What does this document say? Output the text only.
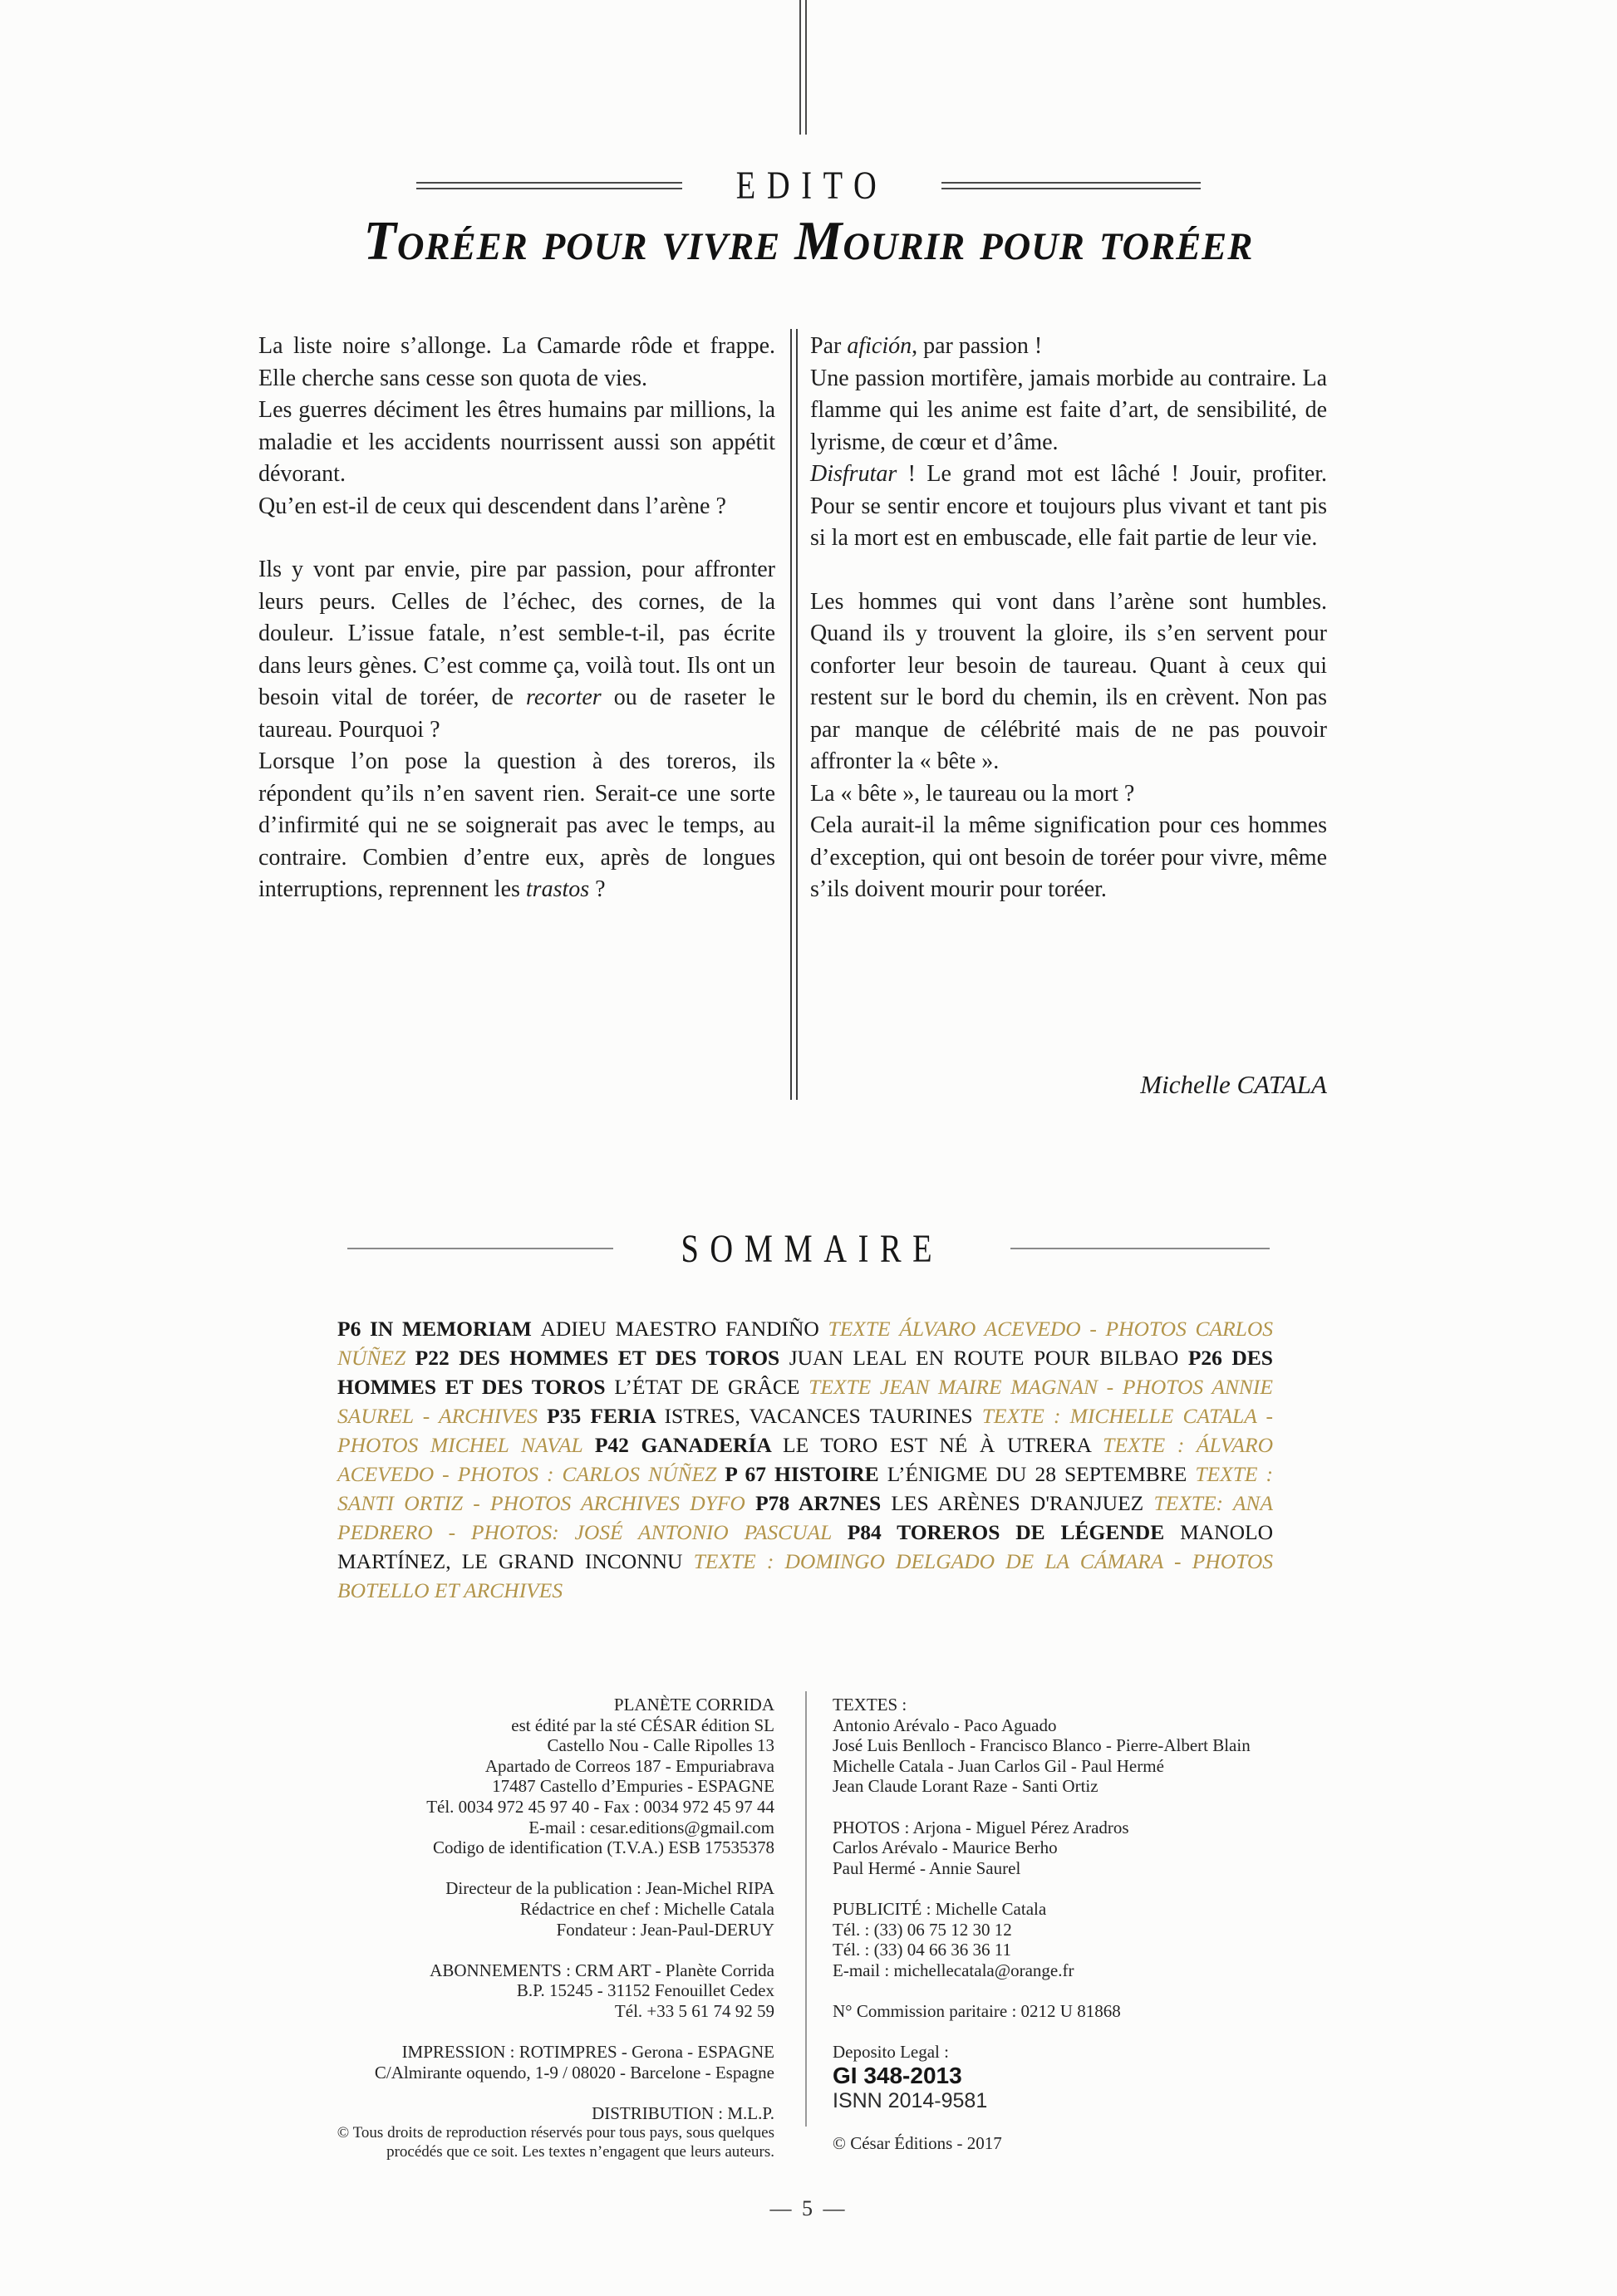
EDITO
Toréer pour vivre Mourir pour toréer

La liste noire s’allonge. La Camarde rôde et frappe. Elle cherche sans cesse son quota de vies.

Les guerres déciment les êtres humains par millions, la maladie et les accidents nourrissent aussi son appétit dévorant.

Qu’en est-il de ceux qui descendent dans l’arène ?

Ils y vont par envie, pire par passion, pour affronter leurs peurs. Celles de l’échec, des cornes, de la douleur. L’issue fatale, n’est semble-t-il, pas écrite dans leurs gènes. C’est comme ça, voilà tout. Ils ont un besoin vital de toréer, de recorter ou de raseter le taureau. Pourquoi ?

Lorsque l’on pose la question à des toreros, ils répondent qu’ils n’en savent rien. Serait-ce une sorte d’infirmité qui ne se soignerait pas avec le temps, au contraire. Combien d’entre eux, après de longues interruptions, reprennent les trastos ?

Par afición, par passion !

Une passion mortifère, jamais morbide au contraire. La flamme qui les anime est faite d’art, de sensibilité, de lyrisme, de cœur et d’âme.

Disfrutar ! Le grand mot est lâché ! Jouir, profiter. Pour se sentir encore et toujours plus vivant et tant pis si la mort est en embuscade, elle fait partie de leur vie.

Les hommes qui vont dans l’arène sont humbles. Quand ils y trouvent la gloire, ils s’en servent pour conforter leur besoin de taureau. Quant à ceux qui restent sur le bord du chemin, ils en crèvent. Non pas par manque de célébrité mais de ne pas pouvoir affronter la « bête ».

La « bête », le taureau ou la mort ?

Cela aurait-il la même signification pour ces hommes d’exception, qui ont besoin de toréer pour vivre, même s’ils doivent mourir pour toréer.

Michelle CATALA
SOMMAIRE

P6 IN MEMORIAM ADIEU MAESTRO FANDIÑO TEXTE ÁLVARO ACEVEDO - PHOTOS CARLOS NÚÑEZ P22 DES HOMMES ET DES TOROS JUAN LEAL EN ROUTE POUR BILBAO P26 DES HOMMES ET DES TOROS L’ÉTAT DE GRÂCE TEXTE JEAN MAIRE MAGNAN - PHOTOS ANNIE SAUREL - ARCHIVES P35 FERIA ISTRES, VACANCES TAURINES TEXTE : MICHELLE CATALA - PHOTOS MICHEL NAVAL P42 GANADERÍA LE TORO EST NÉ À UTRERA TEXTE : ÁLVARO ACEVEDO - PHOTOS : CARLOS NÚÑEZ P 67 HISTOIRE L’ÉNIGME DU 28 SEPTEMBRE TEXTE : SANTI ORTIZ - PHOTOS ARCHIVES DYFO P78 AR7NES LES ARÈNES D'RANJUEZ TEXTE: ANA PEDRERO - PHOTOS: JOSÉ ANTONIO PASCUAL P84 TOREROS DE LÉGENDE MANOLO MARTÍNEZ, LE GRAND INCONNU TEXTE : DOMINGO DELGADO DE LA CÁMARA - PHOTOS BOTELLO ET ARCHIVES

PLANÈTE CORRIDA
est édité par la sté CÉSAR édition SL
Castello Nou - Calle Ripolles 13
Apartado de Correos 187 - Empuriabrava
17487 Castello d’Empuries - ESPAGNE
Tél. 0034 972 45 97 40 - Fax : 0034 972 45 97 44
E-mail : cesar.editions@gmail.com
Codigo de identification (T.V.A.) ESB 17535378
Directeur de la publication : Jean-Michel RIPA
Rédactrice en chef : Michelle Catala
Fondateur : Jean-Paul-DERUY
ABONNEMENTS : CRM ART - Planète Corrida
B.P. 15245 - 31152 Fenouillet Cedex
Tél. +33 5 61 74 92 59
IMPRESSION : ROTIMPRES - Gerona - ESPAGNE
C/Almirante oquendo, 1-9 / 08020 - Barcelone - Espagne
DISTRIBUTION : M.L.P.
© Tous droits de reproduction réservés pour tous pays, sous quelques
procédés que ce soit. Les textes n’engagent que leurs auteurs.
TEXTES :
Antonio Arévalo - Paco Aguado
José Luis Benlloch - Francisco Blanco - Pierre-Albert Blain
Michelle Catala - Juan Carlos Gil - Paul Hermé
Jean Claude Lorant Raze - Santi Ortiz
PHOTOS : Arjona - Miguel Pérez Aradros
Carlos Arévalo - Maurice Berho
Paul Hermé - Annie Saurel
PUBLICITÉ : Michelle Catala
Tél. : (33) 06 75 12 30 12
Tél. : (33) 04 66 36 36 11
E-mail : michellecatala@orange.fr
N° Commission paritaire : 0212 U 81868
Deposito Legal :
GI 348-2013
ISNN 2014-9581
© César Éditions - 2017
— 5 —
